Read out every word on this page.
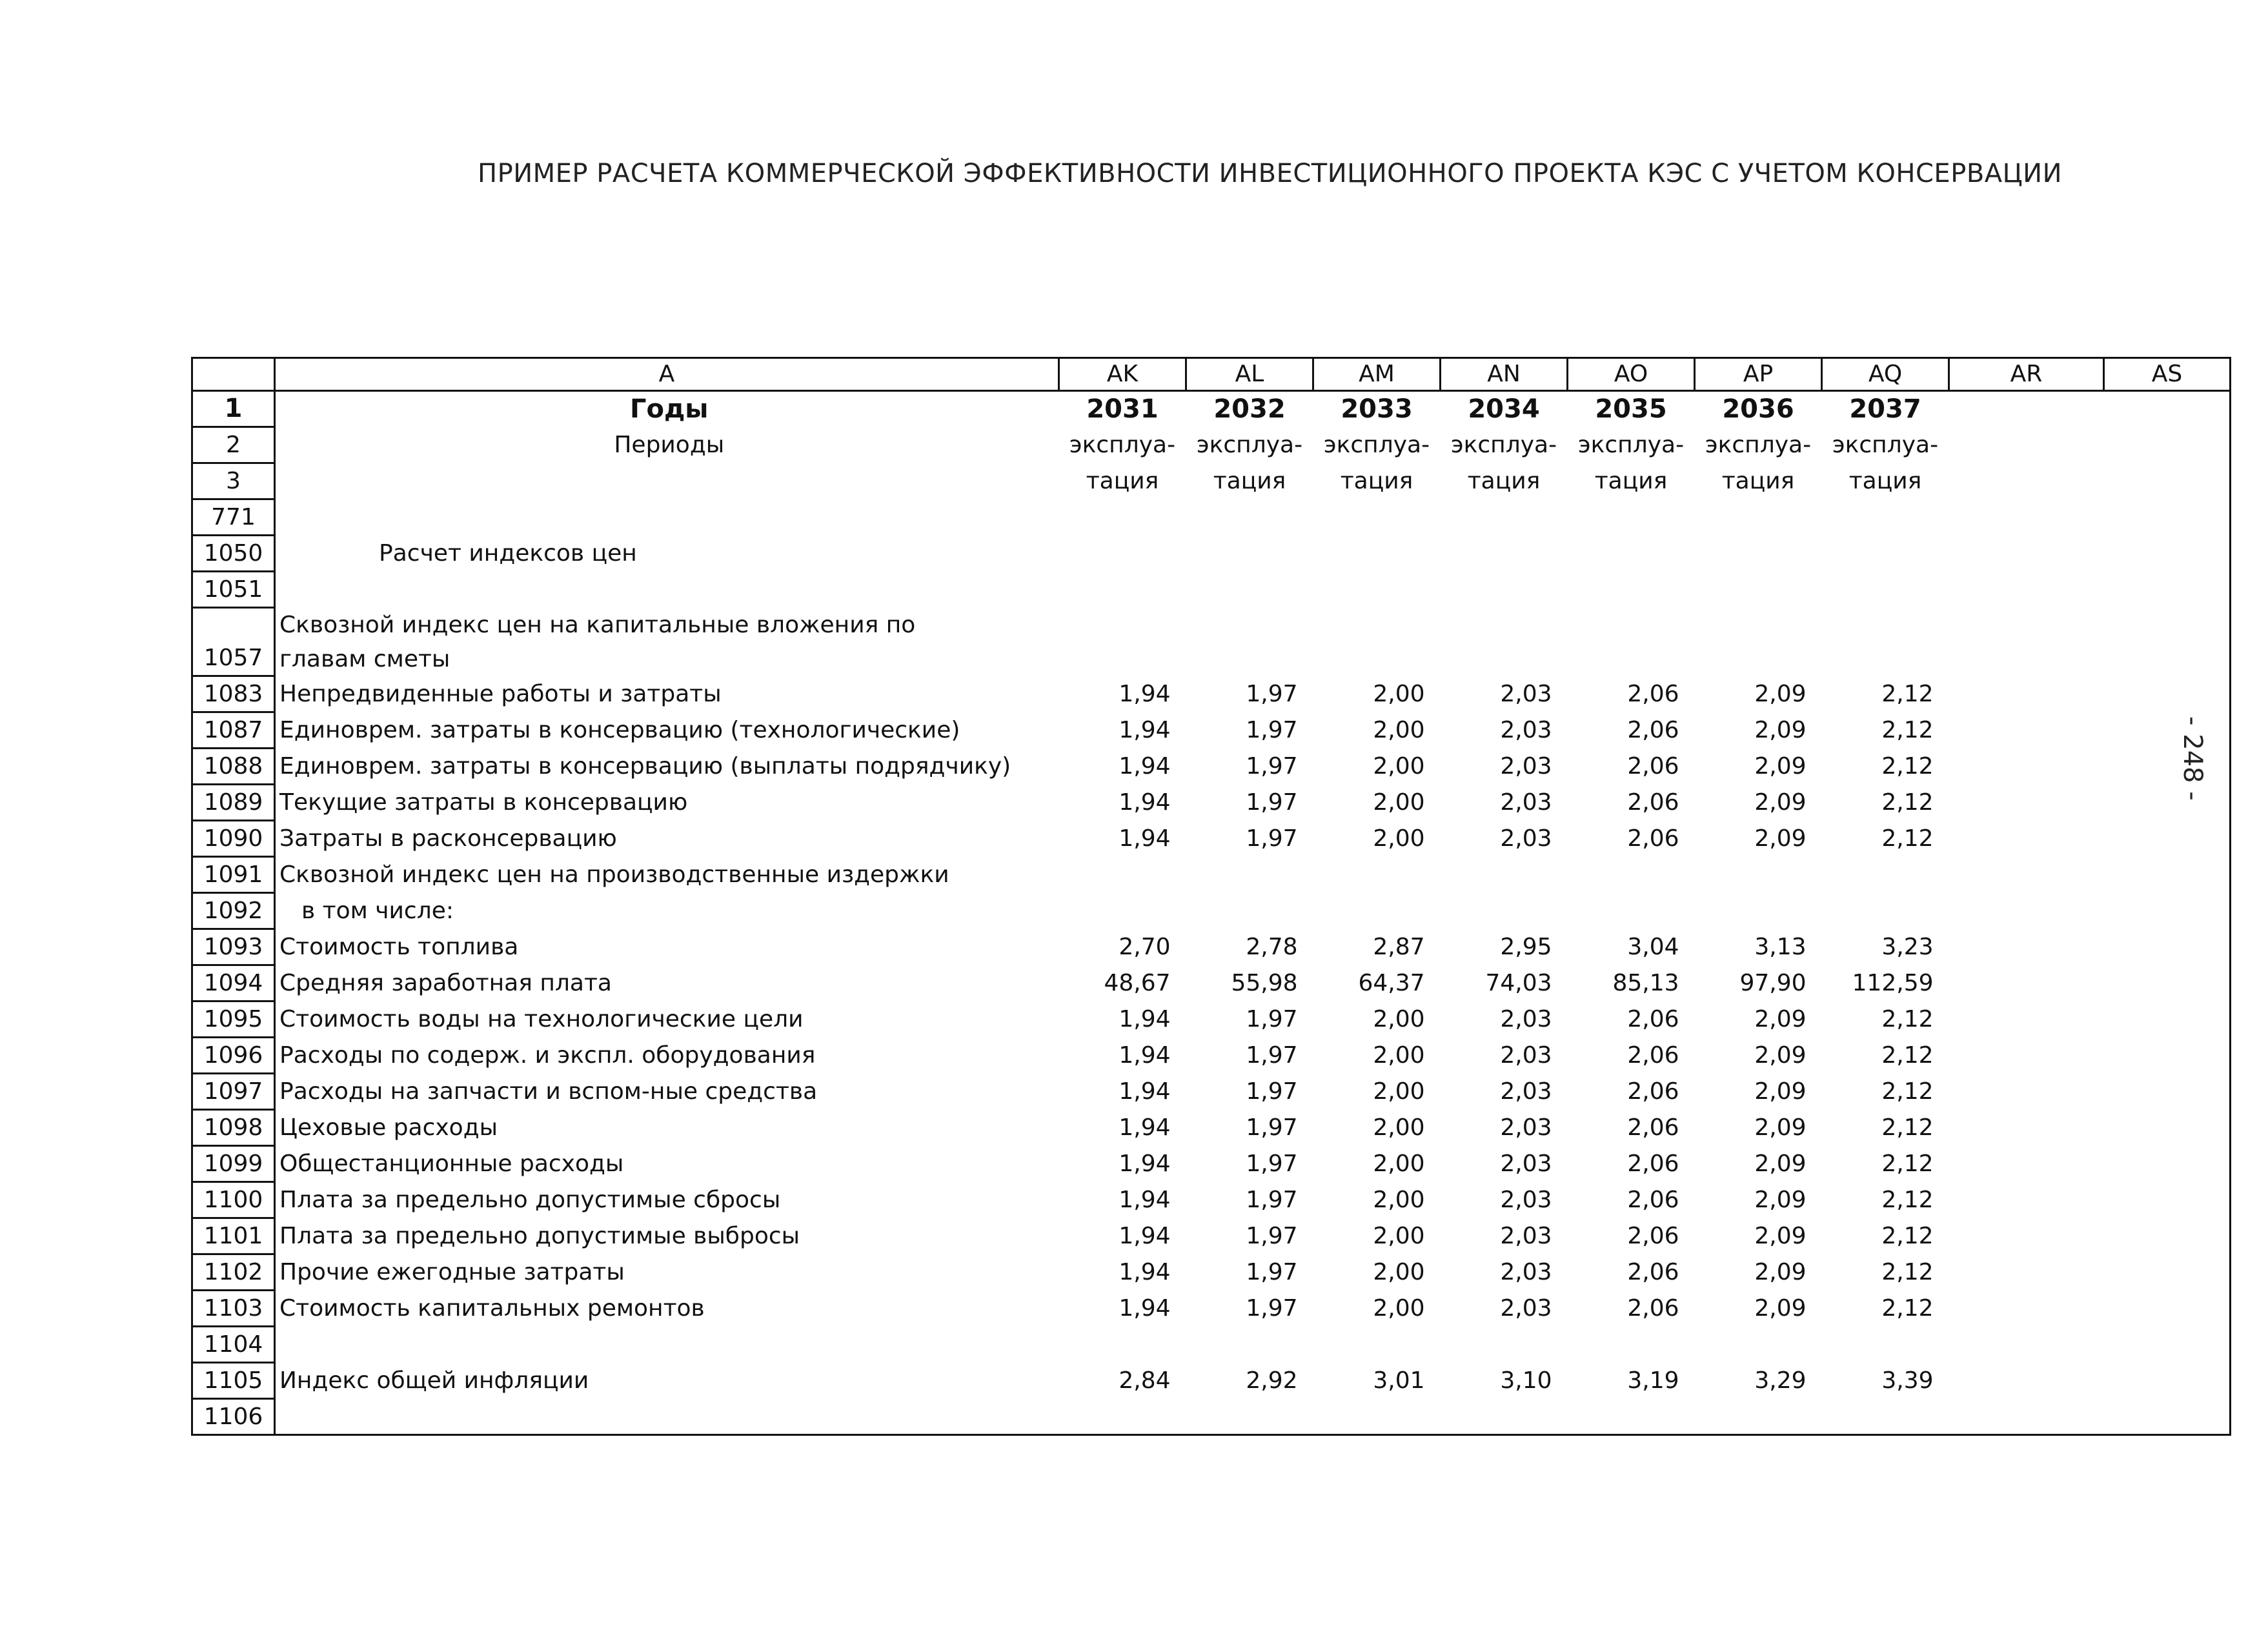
ПРИМЕР РАСЧЕТА КОММЕРЧЕСКОЙ ЭФФЕКТИВНОСТИ ИНВЕСТИЦИОННОГО ПРОЕКТА КЭС С УЧЕТОМ КОНСЕРВАЦИИ
- 248 -
	A	AK	AL	AM	AN	AO	AP	AQ	AR	AS
1	Годы	2031	2032	2033	2034	2035	2036	2037		
2	Периоды	эксплуа-	эксплуа-	эксплуа-	эксплуа-	эксплуа-	эксплуа-	эксплуа-		
3		тация	тация	тация	тация	тация	тация	тация		
771										
1050	Расчет индексов цен									
1051										
1057	Сквозной индекс цен на капитальные вложения по
главам сметы									

1083	Непредвиденные работы и затраты	1,94	1,97	2,00	2,03	2,06	2,09	2,12		
1087	Единоврем. затраты в консервацию (технологические)	1,94	1,97	2,00	2,03	2,06	2,09	2,12		
1088	Единоврем. затраты в консервацию (выплаты подрядчику)	1,94	1,97	2,00	2,03	2,06	2,09	2,12		
1089	Текущие затраты в консервацию	1,94	1,97	2,00	2,03	2,06	2,09	2,12		
1090	Затраты в расконсервацию	1,94	1,97	2,00	2,03	2,06	2,09	2,12		
1091	Сквозной индекс цен на производственные издержки									
1092	в том числе:									
1093	Стоимость топлива	2,70	2,78	2,87	2,95	3,04	3,13	3,23		
1094	Средняя заработная плата	48,67	55,98	64,37	74,03	85,13	97,90	112,59		
1095	Стоимость воды на технологические цели	1,94	1,97	2,00	2,03	2,06	2,09	2,12		
1096	Расходы по содерж. и экспл. оборудования	1,94	1,97	2,00	2,03	2,06	2,09	2,12		
1097	Расходы на запчасти и вспом-ные средства	1,94	1,97	2,00	2,03	2,06	2,09	2,12		
1098	Цеховые расходы	1,94	1,97	2,00	2,03	2,06	2,09	2,12		
1099	Общестанционные расходы	1,94	1,97	2,00	2,03	2,06	2,09	2,12		
1100	Плата за предельно допустимые сбросы	1,94	1,97	2,00	2,03	2,06	2,09	2,12		
1101	Плата за предельно допустимые выбросы	1,94	1,97	2,00	2,03	2,06	2,09	2,12		
1102	Прочие ежегодные затраты	1,94	1,97	2,00	2,03	2,06	2,09	2,12		
1103	Стоимость капитальных ремонтов	1,94	1,97	2,00	2,03	2,06	2,09	2,12		
1104										
1105	Индекс общей инфляции	2,84	2,92	3,01	3,10	3,19	3,29	3,39		
1106										
